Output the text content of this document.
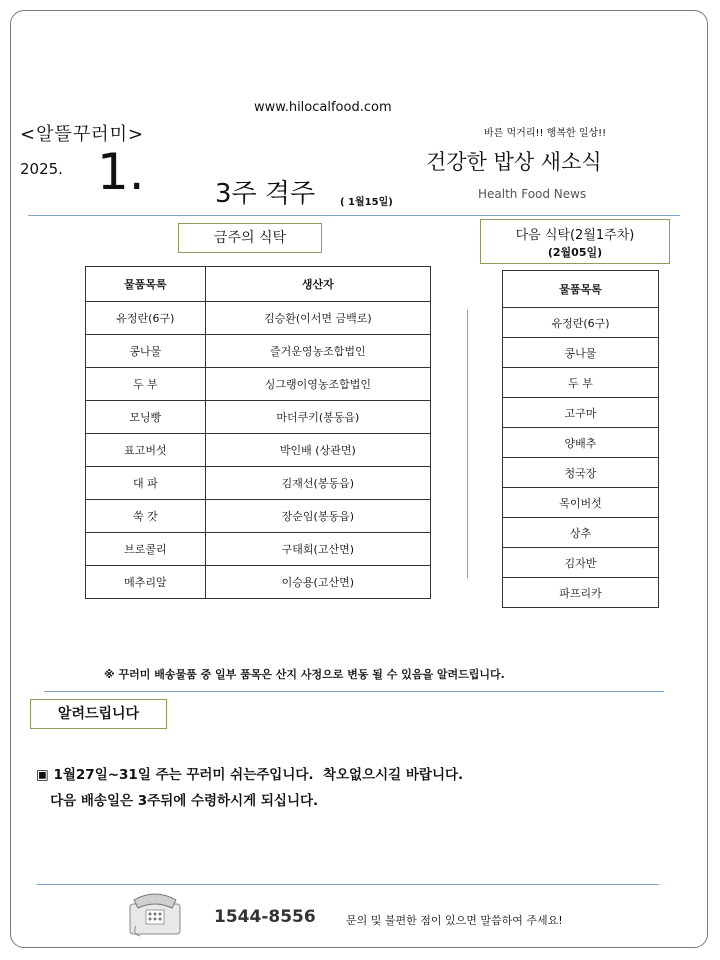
www.hilocalfood.com
<알뜰꾸러미>	바른 먹거리!! 행복한 일상!!
2025. 1.	3주 격주 ( 1월15일)
건강한 밥상 새소식
Health Food News
금주의 식탁	다음 식탁(2월1주차)
(2월05일)
물품목록	생산자
유정란(6구)	김승환(이서면 금백로)
콩나물	즐거운영농조합법인
두 부	싱그랭이영농조합법인
모닝빵	마더쿠키(봉동읍)
표고버섯	박인배 (상관면)
대 파	김재선(봉동읍)
쑥 갓	장순임(봉동읍)
브로콜리	구태회(고산면)
메추리알	이승용(고산면)
물품목록
유정란(6구)
콩나물
두 부
고구마
양배추
청국장
목이버섯
상추
김자반
파프리카
※ 꾸러미 배송물품 중 일부 품목은 산지 사정으로 변동 될 수 있음을 알려드립니다.
알려드립니다
▣ 1월27일~31일 주는 꾸러미 쉬는주입니다.  착오없으시길 바랍니다.
다음 배송일은 3주뒤에 수령하시게 되십니다.
1544-8556	문의 및 불편한 점이 있으면 말씀하여 주세요!
